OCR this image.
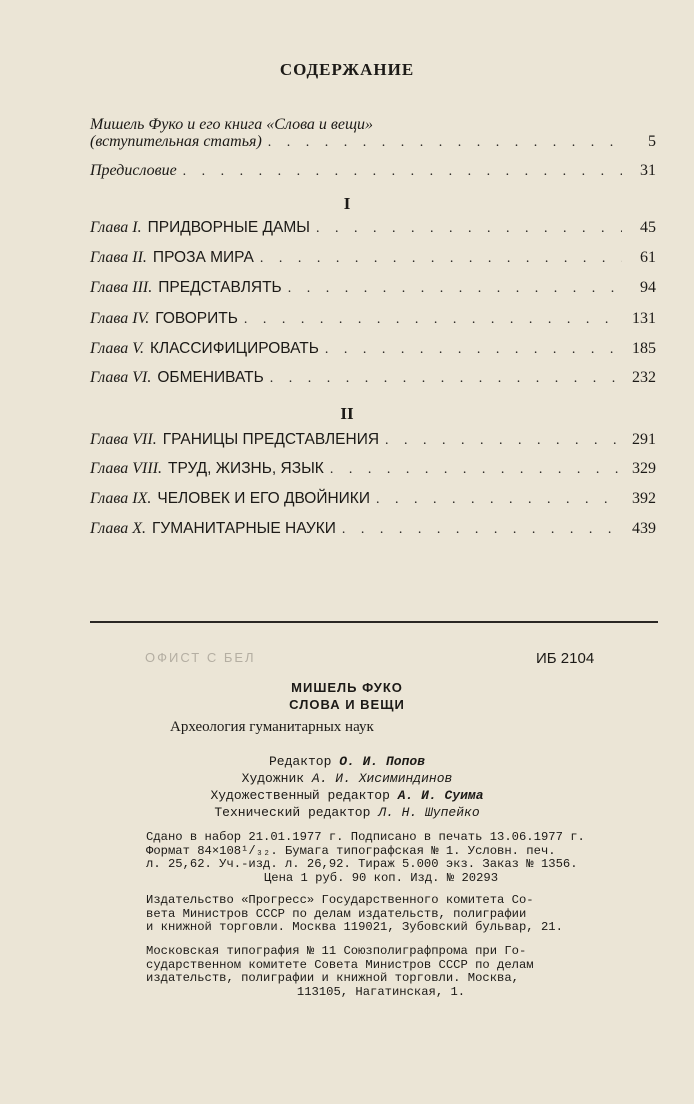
СОДЕРЖАНИЕ
Мишель Фуко и его книга «Слова и вещи»
(вступительная статья) . . .	5
Предисловие . . .	31
Глава I. ПРИДВОРНЫЕ ДАМЫ . . .	45
Глава II. ПРОЗА МИРА . . .	61
Глава III. ПРЕДСТАВЛЯТЬ . . .	94
Глава IV. ГОВОРИТЬ . . .	131
Глава V. КЛАССИФИЦИРОВАТЬ . . .	185
Глава VI. ОБМЕНИВАТЬ . . .	232
Глава VII. ГРАНИЦЫ ПРЕДСТАВЛЕНИЯ . . .	291
Глава VIII. ТРУД, ЖИЗНЬ, ЯЗЫК . . .	329
Глава IX. ЧЕЛОВЕК И ЕГО ДВОЙНИКИ . . .	392
Глава X. ГУМАНИТАРНЫЕ НАУКИ . . .	439
I
II
ОФИСТ С БЕЛ	ИБ 2104
МИШЕЛЬ ФУКО
СЛОВА И ВЕЩИ
Археология гуманитарных наук
Редактор О. И. Попов
Художник А. И. Хисиминдинов
Художественный редактор А. И. Суима
Технический редактор Л. Н. Шупейко
Сдано в набор 21.01.1977 г. Подписано в печать 13.06.1977 г.
Формат 84×108¹/₃₂. Бумага типографская № 1. Условн. печ.
л. 25,62. Уч.-изд. л. 26,92. Тираж 5.000 экз. Заказ № 1356.
Цена 1 руб. 90 коп. Изд. № 20293
Издательство «Прогресс» Государственного комитета Со-
вета Министров СССР по делам издательств, полиграфии
и книжной торговли. Москва 119021, Зубовский бульвар, 21.
Московская типография № 11 Союзполиграфпрома при Го-
сударственном комитете Совета Министров СССР по делам
издательств, полиграфии и книжной торговли. Москва,
113105, Нагатинская, 1.
